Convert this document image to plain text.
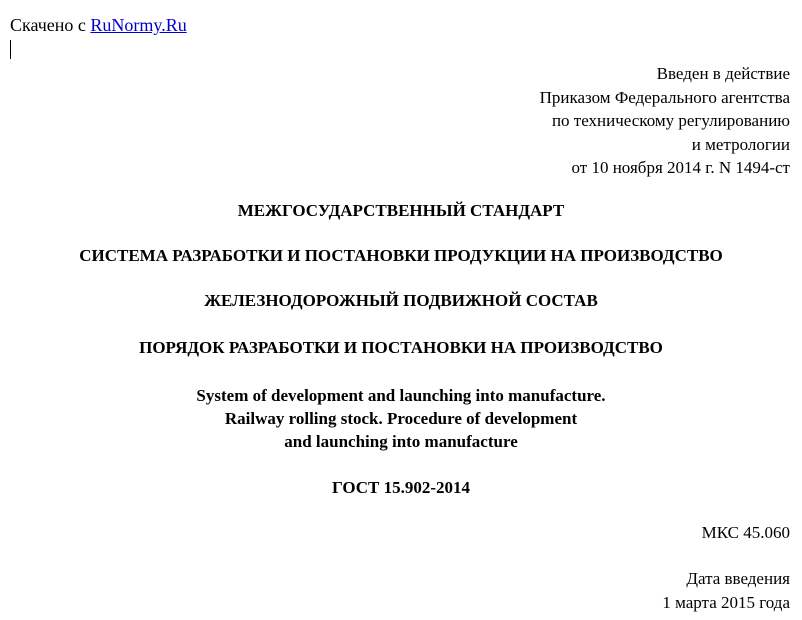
Скачено с RuNormy.Ru
Введен в действие
Приказом Федерального агентства
по техническому регулированию
и метрологии
от 10 ноября 2014 г. N 1494-ст
МЕЖГОСУДАРСТВЕННЫЙ СТАНДАРТ
СИСТЕМА РАЗРАБОТКИ И ПОСТАНОВКИ ПРОДУКЦИИ НА ПРОИЗВОДСТВО
ЖЕЛЕЗНОДОРОЖНЫЙ ПОДВИЖНОЙ СОСТАВ
ПОРЯДОК РАЗРАБОТКИ И ПОСТАНОВКИ НА ПРОИЗВОДСТВО
System of development and launching into manufacture.
Railway rolling stock. Procedure of development
and launching into manufacture
ГОСТ 15.902-2014
МКС 45.060
Дата введения
1 марта 2015 года
